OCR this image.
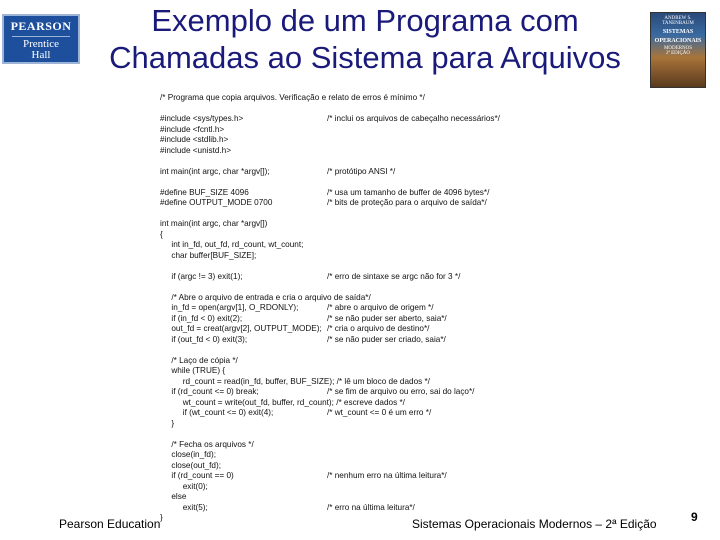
PEARSON
Prentice
Hall
Exemplo de um Programa com
Chamadas ao Sistema para Arquivos
ANDREW S. TANENBAUM
SISTEMAS
OPERACIONAIS
MODERNOS
2ª EDIÇÃO
/* Programa que copia arquivos. Verificação e relato de erros é mínimo */
#include <sys/types.h>	/* inclui os arquivos de cabeçalho necessários*/
#include <fcntl.h>
#include <stdlib.h>
#include <unistd.h>
int main(int argc, char *argv[]);	/* protótipo ANSI */
#define BUF_SIZE 4096	/* usa um tamanho de buffer de 4096 bytes*/
#define OUTPUT_MODE 0700	/* bits de proteção para o arquivo de saída*/
int main(int argc, char *argv[])
{
int in_fd, out_fd, rd_count, wt_count;
char buffer[BUF_SIZE];
if (argc != 3) exit(1);	/* erro de sintaxe se argc não for 3 */
/* Abre o arquivo de entrada e cria o arquivo de saída*/
in_fd = open(argv[1], O_RDONLY);	/* abre o arquivo de origem */
if (in_fd < 0) exit(2);	/* se não puder ser aberto, saia*/
out_fd = creat(argv[2], OUTPUT_MODE); /* cria o arquivo de destino*/
if (out_fd < 0) exit(3);	/* se não puder ser criado, saia*/
/* Laço de cópia */
while (TRUE) {
rd_count = read(in_fd, buffer, BUF_SIZE); /* lê um bloco de dados */
if (rd_count <= 0) break;	/* se fim de arquivo ou erro, sai do laço*/
wt_count = write(out_fd, buffer, rd_count); /* escreve dados */
if (wt_count <= 0) exit(4);	/* wt_count <= 0 é um erro */
}
/* Fecha os arquivos */
close(in_fd);
close(out_fd);
if (rd_count == 0)	/* nenhum erro na última leitura*/
exit(0);
else
exit(5);	/* erro na última leitura*/
}
Pearson Education	Sistemas Operacionais Modernos – 2ª Edição	9
